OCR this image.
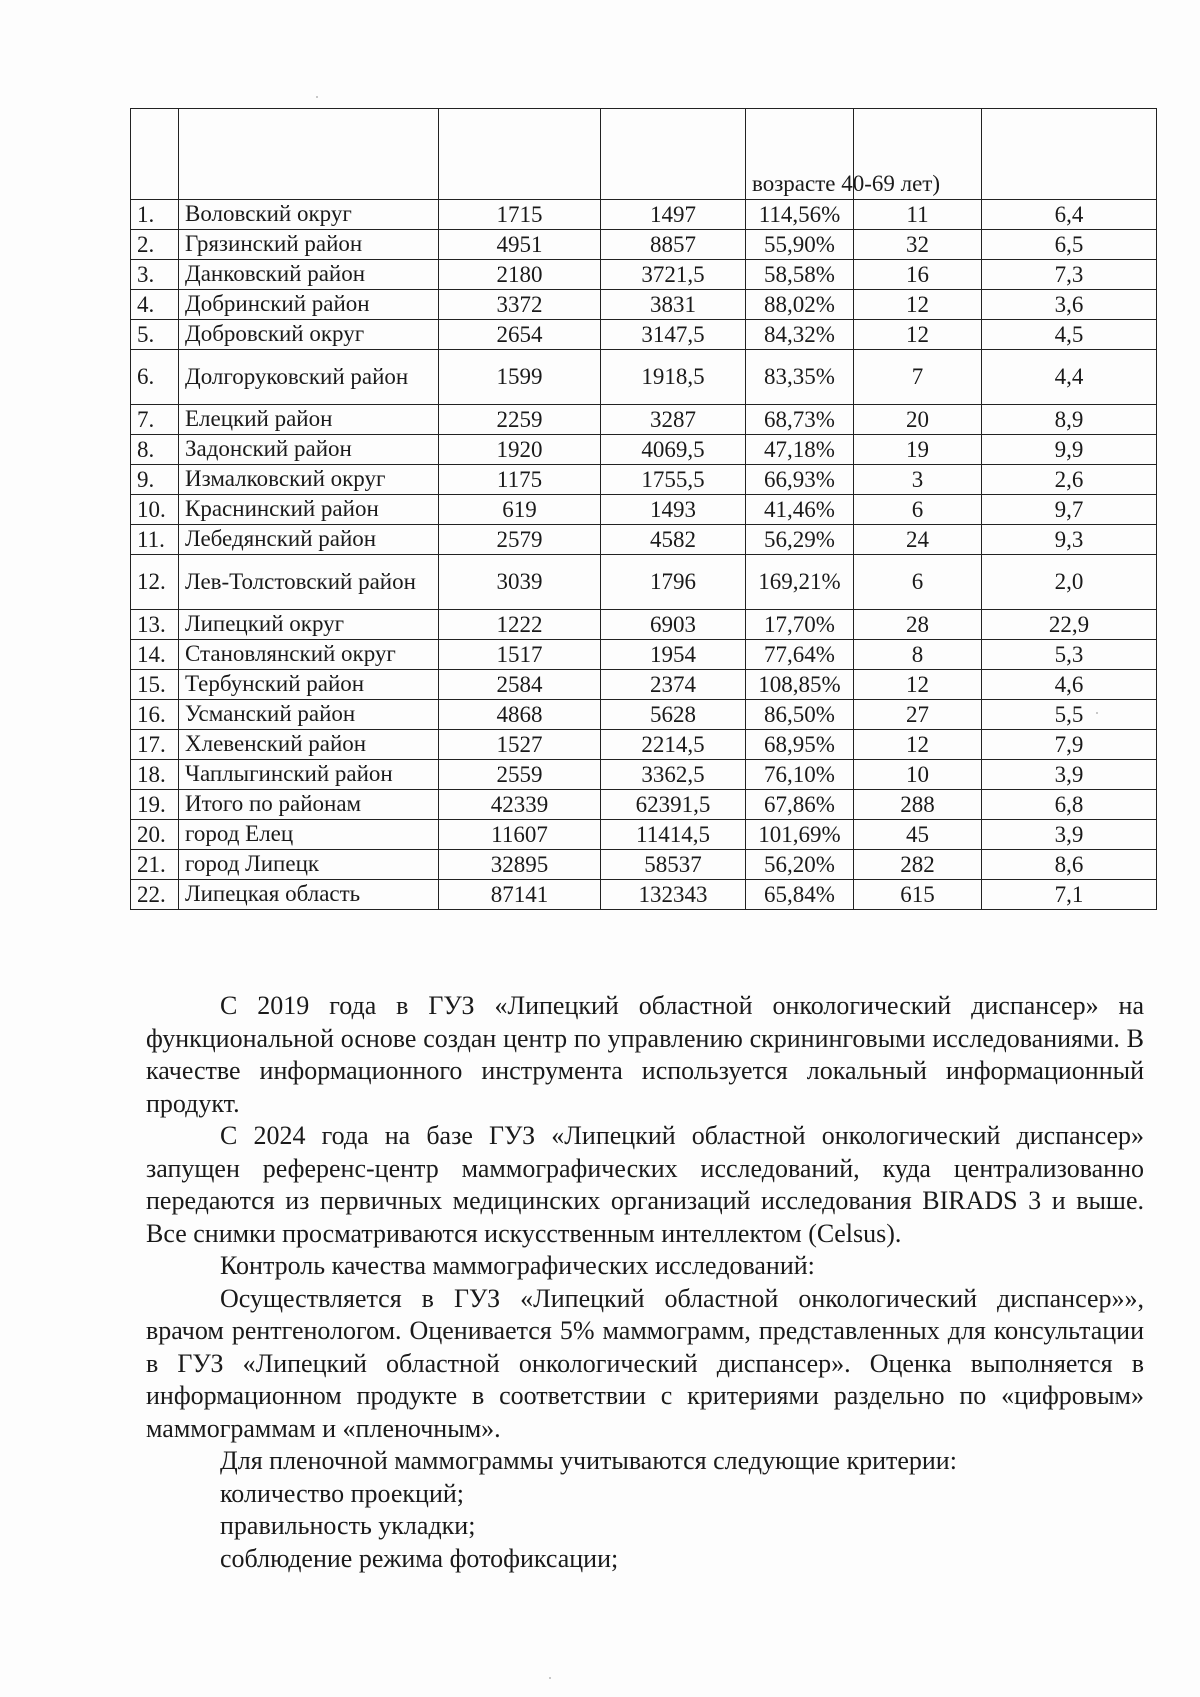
				возрасте 40-69 лет)		
1.	Воловский округ	1715	1497	114,56%	11	6,4
2.	Грязинский район	4951	8857	55,90%	32	6,5
3.	Данковский район	2180	3721,5	58,58%	16	7,3
4.	Добринский район	3372	3831	88,02%	12	3,6
5.	Добровский округ	2654	3147,5	84,32%	12	4,5
6.	Долгоруковский район	1599	1918,5	83,35%	7	4,4
7.	Елецкий район	2259	3287	68,73%	20	8,9
8.	Задонский район	1920	4069,5	47,18%	19	9,9
9.	Измалковский округ	1175	1755,5	66,93%	3	2,6
10.	Краснинский район	619	1493	41,46%	6	9,7
11.	Лебедянский район	2579	4582	56,29%	24	9,3
12.	Лев-Толстовский район	3039	1796	169,21%	6	2,0
13.	Липецкий округ	1222	6903	17,70%	28	22,9
14.	Становлянский округ	1517	1954	77,64%	8	5,3
15.	Тербунский район	2584	2374	108,85%	12	4,6
16.	Усманский район	4868	5628	86,50%	27	5,5
17.	Хлевенский район	1527	2214,5	68,95%	12	7,9
18.	Чаплыгинский район	2559	3362,5	76,10%	10	3,9
19.	Итого по районам	42339	62391,5	67,86%	288	6,8
20.	город Елец	11607	11414,5	101,69%	45	3,9
21.	город Липецк	32895	58537	56,20%	282	8,6
22.	Липецкая область	87141	132343	65,84%	615	7,1

С 2019 года в ГУЗ «Липецкий областной онкологический диспансер» на функциональной основе создан центр по управлению скрининговыми исследованиями. В качестве информационного инструмента используется локальный информационный продукт.

С 2024 года на базе ГУЗ «Липецкий областной онкологический диспансер» запущен референс-центр маммографических исследований, куда централизованно передаются из первичных медицинских организаций исследования BIRADS 3 и выше. Все снимки просматриваются искусственным интеллектом (Celsus).

Контроль качества маммографических исследований:

Осуществляется в ГУЗ «Липецкий областной онкологический диспансер»», врачом рентгенологом. Оценивается 5% маммограмм, представленных для консультации в ГУЗ «Липецкий областной онкологический диспансер». Оценка выполняется в информационном продукте в соответствии с критериями раздельно по «цифровым» маммограммам и «пленочным».

Для пленочной маммограммы учитываются следующие критерии:

количество проекций;

правильность укладки;

соблюдение режима фотофиксации;
